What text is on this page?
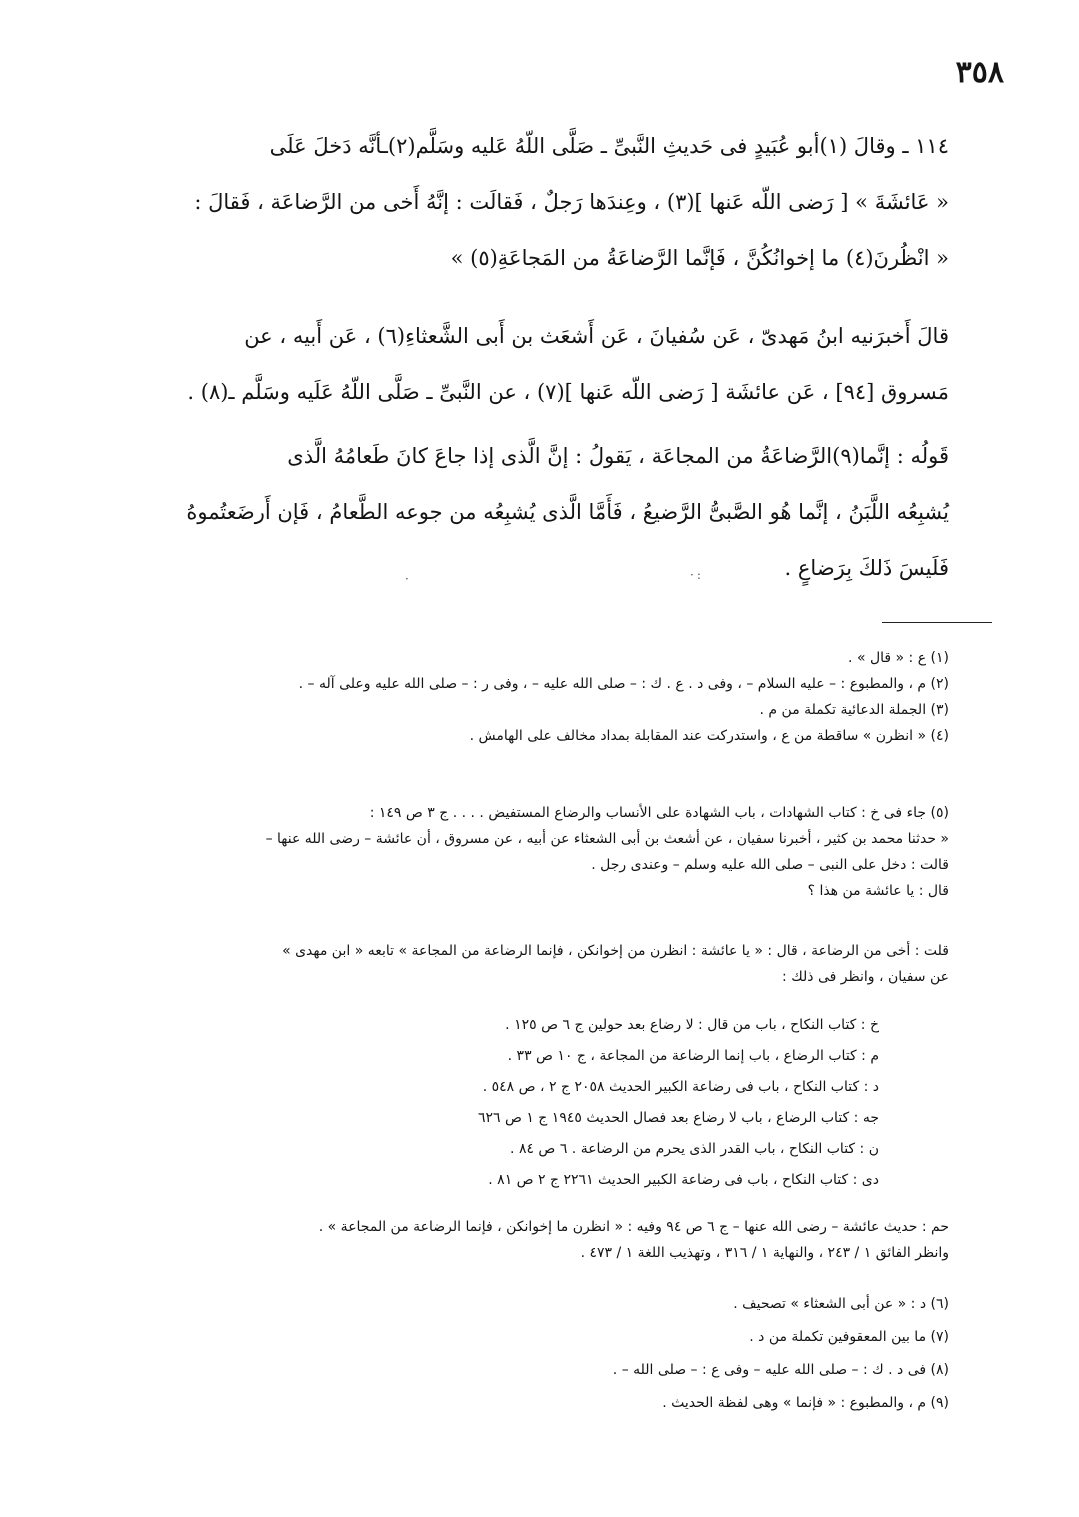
٣٥٨

١١٤ ـ وقالَ (١)أبو عُبَيدٍ فى حَديثِ النَّبىِّ ـ صَلَّى اللّهُ عَليه وسَلَّم(٢)ـأنَّه دَخلَ عَلَى

« عَائشَةَ » [ رَضى اللّه عَنها ](٣) ، وعِندَها رَجلٌ ، فَقالَت : إنَّهُ أَخى من الرَّضاعَة ، فَقالَ :

« انْظُرنَ(٤) ما إخوانُكُنَّ ، فَإنَّما الرَّضاعَةُ من المَجاعَةِ(٥) »

قالَ أَخبرَنيه ابنُ مَهدىّ ، عَن سُفيانَ ، عَن أَشعَث بن أَبى الشَّعثاءِ(٦) ، عَن أَبيه ، عن

مَسروق [٩٤] ، عَن عائشَة [ رَضى اللّه عَنها ](٧) ، عن النَّبىِّ ـ صَلَّى اللّهُ عَلَيه وسَلَّم ـ(٨) .

قَولُه : إنَّما(٩)الرَّضاعَةُ من المجاعَة ، يَقولُ : إنَّ الَّذى إذا جاعَ كانَ طَعامُهُ الَّذى

يُشبِعُه اللَّبَنُ ، إنَّما هُو الصَّبىُّ الرَّضيعُ ، فَأَمَّا الَّذى يُشبِعُه من جوعه الطَّعامُ ، فَإن أَرضَعتُموهُ

فَلَيسَ ذَلكَ بِرَضاعٍ .

·	·:

(١) ع : « قال » .

(٢) م ، والمطبوع : – عليه السلام – ، وفى د . ع . ك : – صلى الله عليه – ، وفى ر : – صلى الله عليه وعلى آله – .

(٣) الجملة الدعائية تكملة من م .

(٤) « انظرن » ساقطة من ع ، واستدركت عند المقابلة بمداد مخالف على الهامش .

(٥) جاء فى خ : كتاب الشهادات ، باب الشهادة على الأنساب والرضاع المستفيض . . . . ج ٣ ص ١٤٩ :

« حدثنا محمد بن كثير ، أخبرنا سفيان ، عن أشعث بن أبى الشعثاء عن أبيه ، عن مسروق ، أن عائشة – رضى الله عنها –

قالت : دخل على النبى – صلى الله عليه وسلم – وعندى رجل .

قال : يا عائشة من هذا ؟

قلت : أخى من الرضاعة ، قال : « يا عائشة : انظرن من إخوانكن ، فإنما الرضاعة من المجاعة » تابعه « ابن مهدى »

عن سفيان ، وانظر فى ذلك :

خ : كتاب النكاح ، باب من قال : لا رضاع بعد حولين ج ٦ ص ١٢٥ .

م : كتاب الرضاع ، باب إنما الرضاعة من المجاعة ، ج ١٠ ص ٣٣ .

د : كتاب النكاح ، باب فى رضاعة الكبير الحديث ٢٠٥٨ ج ٢ ، ص ٥٤٨ .

جه : كتاب الرضاع ، باب لا رضاع بعد فصال الحديث ١٩٤٥ ج ١ ص ٦٢٦

ن : كتاب النكاح ، باب القدر الذى يحرم من الرضاعة . ٦ ص ٨٤ .

دى : كتاب النكاح ، باب فى رضاعة الكبير الحديث ٢٢٦١ ج ٢ ص ٨١ .

حم : حديث عائشة – رضى الله عنها – ج ٦ ص ٩٤ وفيه : « انظرن ما إخوانكن ، فإنما الرضاعة من المجاعة » .

وانظر الفائق ١ / ٢٤٣ ، والنهاية ١ / ٣١٦ ، وتهذيب اللغة ١ / ٤٧٣ .

(٦) د : « عن أبى الشعثاء » تصحيف .

(٧) ما بين المعقوفين تكملة من د .

(٨) فى د . ك : – صلى الله عليه – وفى ع : – صلى الله – .

(٩) م ، والمطبوع : « فإنما » وهى لفظة الحديث .
